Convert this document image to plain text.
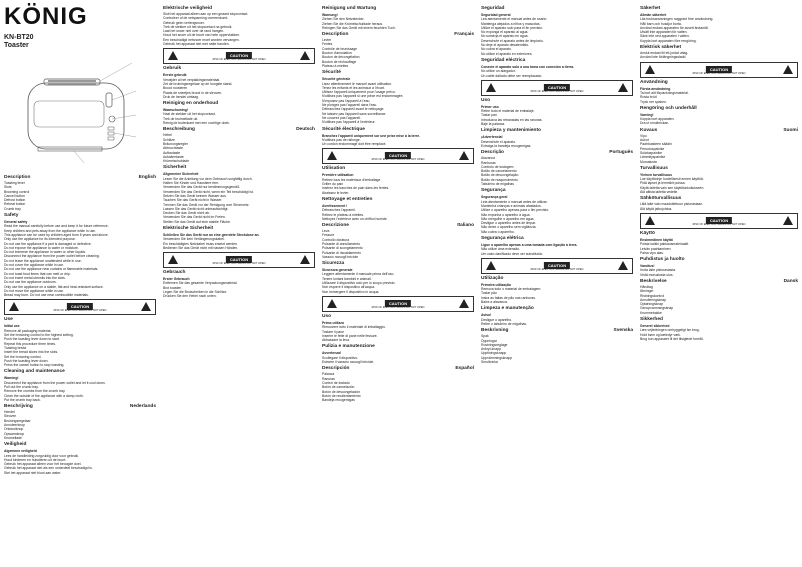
KÖNIG
KN-BT20
Toaster
Description	English
Toasting lever
Slots
Browning control
Cancel button
Defrost button
Reheat button
Crumb tray
Safety
General safety
Read the manual carefully before use and keep it for future reference.
Keep children and pets away from the appliance while in use.
This appliance can be used by children aged from 8 years and above.
Only use the appliance for its intended purpose.
Do not use the appliance if a part is damaged or defective.
Do not expose the appliance to water or moisture.
Do not immerse the appliance in water or other liquids.
Disconnect the appliance from the power outlet before cleaning.
Do not leave the appliance unattended while in use.
Do not cover the appliance while in use.
Do not use the appliance near curtains or flammable materials.
Do not toast food items that can melt or drip.
Do not insert metal utensils into the slots.
Do not use the appliance outdoors.
Only use the appliance on a stable, flat and heat-resistant surface.
Do not move the appliance while in use.
Bread may burn. Do not use near combustible materials.
CAUTION
RISK OF ELECTRIC SHOCK DO NOT OPEN
Use
Initial use
Remove all packaging material.
Set the browning control to the highest setting.
Push the toasting lever down to start.
Repeat this procedure three times.
Toasting bread
Insert the bread slices into the slots.
Set the browning control.
Push the toasting lever down.
Press the cancel button to stop toasting.
Cleaning and maintenance
Warning!
Disconnect the appliance from the power outlet and let it cool down.
Pull out the crumb tray.
Remove the crumbs from the crumb tray.
Clean the outside of the appliance with a damp cloth.
Put the crumb tray back.
Beschrijving	Nederlands
Hendel
Sleuven
Bruiningsregelaar
Annuleerknop
Ontdooiknop
Opwarmknop
Kruimellade
Veiligheid
Algemene veiligheid
Lees de handleiding zorgvuldig door voor gebruik.
Houd kinderen en huisdieren uit de buurt.
Gebruik het apparaat alleen voor het beoogde doel.
Gebruik het apparaat niet als een onderdeel beschadigd is.
Stel het apparaat niet bloot aan water.
Elektrische veiligheid
Sluit het apparaat alleen aan op een geaard stopcontact.
Controleer of de netspanning overeenkomt.
Gebruik geen verlengsnoer.
Trek de stekker uit het stopcontact na gebruik.
Laat het snoer niet over de rand hangen.
Houd het snoer uit de buurt van hete oppervlakken.
Een beschadigd netsnoer moet worden vervangen.
Gebruik het apparaat niet met natte handen.
CAUTION
RISK OF ELECTRIC SHOCK DO NOT OPEN
Gebruik
Eerste gebruik
Verwijder al het verpakkingsmateriaal.
Zet de bruiningsregelaar op de hoogste stand.
Brood roosteren
Plaats de sneetjes brood in de sleuven.
Druk de hendel omlaag.
Reiniging en onderhoud
Waarschuwing!
Haal de stekker uit het stopcontact.
Trek de kruimellade uit.
Reinig de buitenkant met een vochtige doek.
Beschreibung	Deutsch
Hebel
Schlitze
Bräunungsregler
Abbruchtaste
Auftautaste
Aufwärmtaste
Krümelschublade
Sicherheit
Allgemeine Sicherheit
Lesen Sie die Anleitung vor dem Gebrauch sorgfältig durch.
Halten Sie Kinder und Haustiere fern.
Verwenden Sie das Gerät nur bestimmungsgemäß.
Verwenden Sie das Gerät nicht, wenn ein Teil beschädigt ist.
Setzen Sie das Gerät keinem Wasser aus.
Tauchen Sie das Gerät nicht in Wasser.
Trennen Sie das Gerät vor der Reinigung vom Stromnetz.
Lassen Sie das Gerät nicht unbeaufsichtigt.
Decken Sie das Gerät nicht ab.
Verwenden Sie das Gerät nicht im Freien.
Stellen Sie das Gerät auf eine stabile Fläche.
Elektrische Sicherheit
Schließen Sie das Gerät nur an eine geerdete Steckdose an.
Verwenden Sie kein Verlängerungskabel.
Ein beschädigtes Netzkabel muss ersetzt werden.
Bedienen Sie das Gerät nicht mit nassen Händen.
CAUTION
RISK OF ELECTRIC SHOCK DO NOT OPEN
Gebrauch
Erster Gebrauch
Entfernen Sie das gesamte Verpackungsmaterial.
Brot toasten
Legen Sie die Brotscheiben in die Schlitze.
Drücken Sie den Hebel nach unten.
Reinigung und Wartung
Warnung!
Ziehen Sie den Netzstecker.
Ziehen Sie die Krümelschublade heraus.
Reinigen Sie das Gerät mit einem feuchten Tuch.
Description	Français
Levier
Fentes
Contrôle de brunissage
Bouton d'annulation
Bouton de décongélation
Bouton de réchauffage
Plateau à miettes
Sécurité
Sécurité générale
Lisez attentivement le manuel avant utilisation.
Tenez les enfants et les animaux à l'écart.
Utilisez l'appareil uniquement pour l'usage prévu.
N'utilisez pas l'appareil si une pièce est endommagée.
N'exposez pas l'appareil à l'eau.
Ne plongez pas l'appareil dans l'eau.
Débranchez l'appareil avant le nettoyage.
Ne laissez pas l'appareil sans surveillance.
Ne couvrez pas l'appareil.
N'utilisez pas l'appareil à l'extérieur.
Sécurité électrique
Branchez l'appareil uniquement sur une prise mise à la terre.
N'utilisez pas de rallonge.
Un cordon endommagé doit être remplacé.
CAUTION
RISK OF ELECTRIC SHOCK DO NOT OPEN
Utilisation
Première utilisation
Retirez tous les matériaux d'emballage.
Griller du pain
Insérez les tranches de pain dans les fentes.
Abaissez le levier.
Nettoyage et entretien
Avertissement !
Débranchez l'appareil.
Retirez le plateau à miettes.
Nettoyez l'extérieur avec un chiffon humide.
Descrizione	Italiano
Leva
Fessure
Controllo doratura
Pulsante di annullamento
Pulsante di scongelamento
Pulsante di riscaldamento
Vassoio raccogli briciole
Sicurezza
Sicurezza generale
Leggere attentamente il manuale prima dell'uso.
Tenere lontani bambini e animali.
Utilizzare il dispositivo solo per lo scopo previsto.
Non esporre il dispositivo all'acqua.
Non immergere il dispositivo in acqua.
CAUTION
RISK OF ELECTRIC SHOCK DO NOT OPEN
Uso
Primo utilizzo
Rimuovere tutto il materiale di imballaggio.
Tostare il pane
Inserire le fette di pane nelle fessure.
Abbassare la leva.
Pulizia e manutenzione
Avvertenza!
Scollegare il dispositivo.
Estrarre il vassoio raccogli briciole.
Descripción	Español
Palanca
Ranuras
Control de tostado
Botón de cancelación
Botón de descongelación
Botón de recalentamiento
Bandeja recogemigas
Seguridad
Seguridad general
Lea atentamente el manual antes de usarlo.
Mantenga alejados a niños y mascotas.
Utilice el aparato solo para el fin previsto.
No exponga el aparato al agua.
No sumerja el aparato en agua.
Desenchufe el aparato antes de limpiarlo.
No deje el aparato desatendido.
No cubra el aparato.
No utilice el aparato en exteriores.
Seguridad eléctrica
Conecte el aparato solo a una toma con conexión a tierra.
No utilice un alargador.
Un cable dañado debe ser reemplazado.
CAUTION
RISK OF ELECTRIC SHOCK DO NOT OPEN
Uso
Primer uso
Retire todo el material de embalaje.
Tostar pan
Introduzca las rebanadas en las ranuras.
Baje la palanca.
Limpieza y mantenimiento
¡Advertencia!
Desenchufe el aparato.
Extraiga la bandeja recogemigas.
Descrição	Português
Alavanca
Ranhuras
Controlo de tostagem
Botão de cancelamento
Botão de descongelação
Botão de reaquecimento
Tabuleiro de migalhas
Segurança
Segurança geral
Leia atentamente o manual antes de utilizar.
Mantenha crianças e animais afastados.
Utilize o aparelho apenas para o fim previsto.
Não exponha o aparelho à água.
Não mergulhe o aparelho em água.
Desligue o aparelho antes de limpar.
Não deixe o aparelho sem vigilância.
Não cubra o aparelho.
Segurança elétrica
Ligue o aparelho apenas a uma tomada com ligação à terra.
Não utilize uma extensão.
Um cabo danificado deve ser substituído.
CAUTION
RISK OF ELECTRIC SHOCK DO NOT OPEN
Utilização
Primeira utilização
Remova todo o material de embalagem.
Tostar pão
Insira as fatias de pão nas ranhuras.
Baixe a alavanca.
Limpeza e manutenção
Aviso!
Desligue o aparelho.
Retire o tabuleiro de migalhas.
Beskrivning	Svenska
Spak
Öppningar
Rostningsreglage
Avbryt-knapp
Upptiningsknapp
Uppvärmningsknapp
Smulbricka
Säkerhet
Allmän säkerhet
Läs bruksanvisningen noggrant före användning.
Håll barn och husdjur borta.
Använd endast apparaten för avsett ändamål.
Utsätt inte apparaten för vatten.
Sänk inte ned apparaten i vatten.
Koppla bort apparaten före rengöring.
Elektrisk säkerhet
Anslut endast till ett jordat uttag.
Använd inte förlängningssladd.
CAUTION
RISK OF ELECTRIC SHOCK DO NOT OPEN
Användning
Första användning
Ta bort allt förpackningsmaterial.
Rosta bröd
Tryck ner spaken.
Rengöring och underhåll
Varning!
Koppla bort apparaten.
Dra ut smulbrickan.
Kuvaus	Suomi
Vipu
Aukot
Paahtoasteen säädin
Peruutuspainike
Sulatuspainike
Lämmityspainike
Murualusta
Turvallisuus
Yleinen turvallisuus
Lue käyttöohje huolellisesti ennen käyttöä.
Pidä lapset ja lemmikit poissa.
Käytä laitetta vain sen käyttötarkoitukseen.
Älä altista laitetta vedelle.
Sähköturvallisuus
Liitä laite vain maadoitettuun pistorasiaan.
Älä käytä jatkojohtoa.
CAUTION
RISK OF ELECTRIC SHOCK DO NOT OPEN
Käyttö
Ensimmäinen käyttö
Poista kaikki pakkausmateriaalit.
Leivän paahtaminen
Paina vipu alas.
Puhdistus ja huolto
Varoitus!
Irrota laite pistorasiasta.
Vedä murualusta ulos.
Beskrivelse	Dansk
Håndtag
Åbninger
Ristningskontrol
Annulleringsknap
Optøningsknap
Genopvarmningsknap
Krummebakke
Sikkerhed
Generel sikkerhed
Læs vejledningen omhyggeligt før brug.
Hold børn og kæledyr væk.
Brug kun apparatet til det tilsigtede formål.
